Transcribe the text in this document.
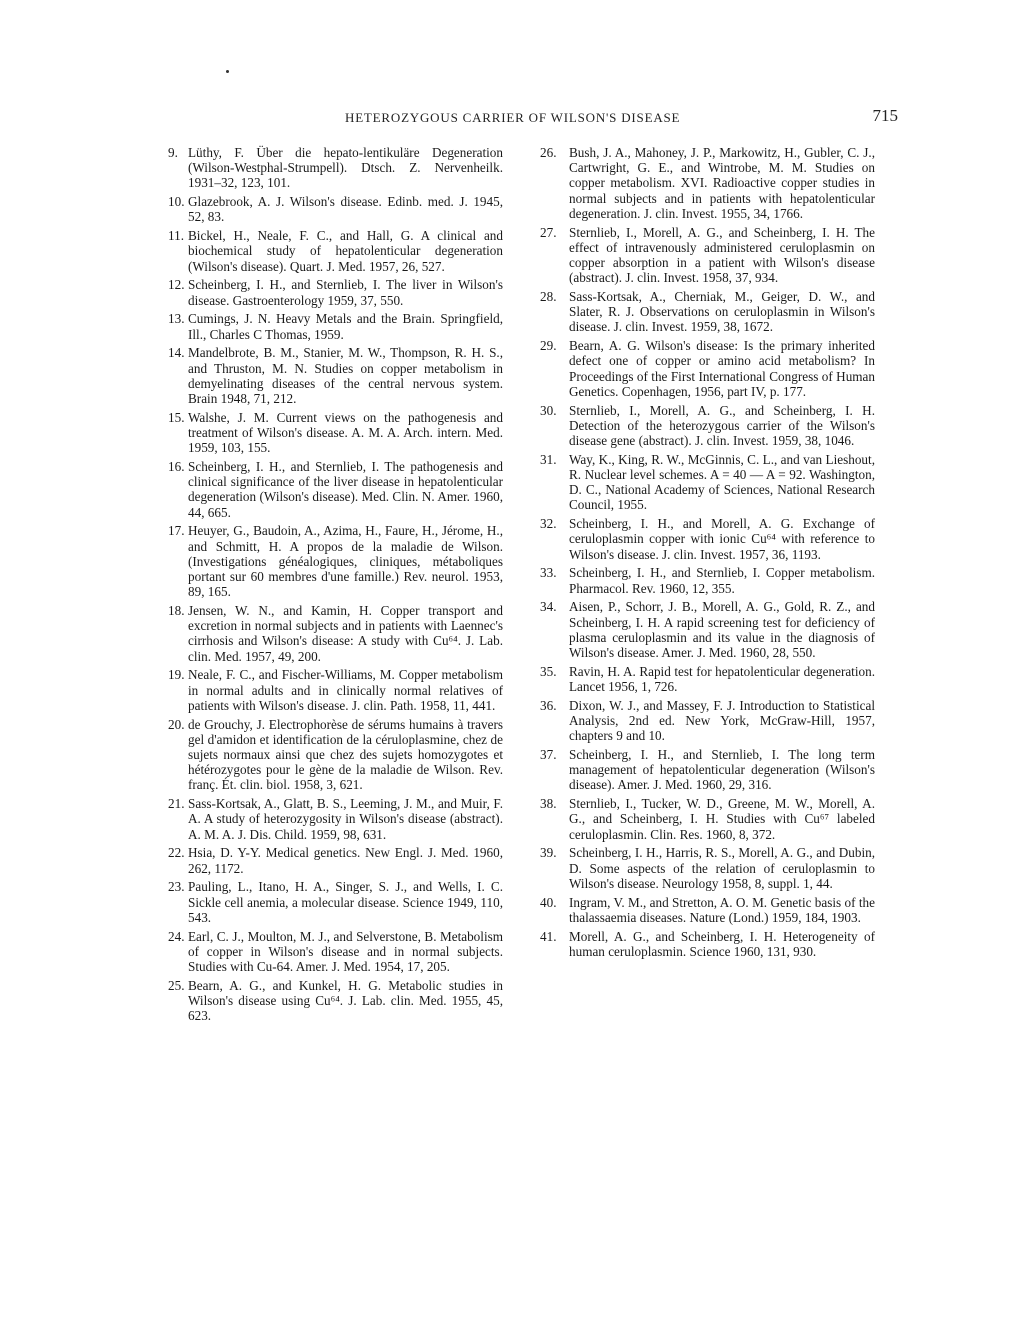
HETEROZYGOUS CARRIER OF WILSON'S DISEASE	715
9. Lüthy, F. Über die hepato-lentikuläre Degeneration (Wilson-Westphal-Strumpell). Dtsch. Z. Nervenheilk. 1931–32, 123, 101.
10. Glazebrook, A. J. Wilson's disease. Edinb. med. J. 1945, 52, 83.
11. Bickel, H., Neale, F. C., and Hall, G. A clinical and biochemical study of hepatolenticular degeneration (Wilson's disease). Quart. J. Med. 1957, 26, 527.
12. Scheinberg, I. H., and Sternlieb, I. The liver in Wilson's disease. Gastroenterology 1959, 37, 550.
13. Cumings, J. N. Heavy Metals and the Brain. Springfield, Ill., Charles C Thomas, 1959.
14. Mandelbrote, B. M., Stanier, M. W., Thompson, R. H. S., and Thruston, M. N. Studies on copper metabolism in demyelinating diseases of the central nervous system. Brain 1948, 71, 212.
15. Walshe, J. M. Current views on the pathogenesis and treatment of Wilson's disease. A. M. A. Arch. intern. Med. 1959, 103, 155.
16. Scheinberg, I. H., and Sternlieb, I. The pathogenesis and clinical significance of the liver disease in hepatolenticular degeneration (Wilson's disease). Med. Clin. N. Amer. 1960, 44, 665.
17. Heuyer, G., Baudoin, A., Azima, H., Faure, H., Jérome, H., and Schmitt, H. A propos de la maladie de Wilson. (Investigations généalogiques, cliniques, métaboliques portant sur 60 membres d'une famille.) Rev. neurol. 1953, 89, 165.
18. Jensen, W. N., and Kamin, H. Copper transport and excretion in normal subjects and in patients with Laennec's cirrhosis and Wilson's disease: A study with Cu⁶⁴. J. Lab. clin. Med. 1957, 49, 200.
19. Neale, F. C., and Fischer-Williams, M. Copper metabolism in normal adults and in clinically normal relatives of patients with Wilson's disease. J. clin. Path. 1958, 11, 441.
20. de Grouchy, J. Electrophorèse de sérums humains à travers gel d'amidon et identification de la céruloplasmine, chez de sujets normaux ainsi que chez des sujets homozygotes et hétérozygotes pour le gène de la maladie de Wilson. Rev. franç. Ét. clin. biol. 1958, 3, 621.
21. Sass-Kortsak, A., Glatt, B. S., Leeming, J. M., and Muir, F. A. A study of heterozygosity in Wilson's disease (abstract). A. M. A. J. Dis. Child. 1959, 98, 631.
22. Hsia, D. Y-Y. Medical genetics. New Engl. J. Med. 1960, 262, 1172.
23. Pauling, L., Itano, H. A., Singer, S. J., and Wells, I. C. Sickle cell anemia, a molecular disease. Science 1949, 110, 543.
24. Earl, C. J., Moulton, M. J., and Selverstone, B. Metabolism of copper in Wilson's disease and in normal subjects. Studies with Cu-64. Amer. J. Med. 1954, 17, 205.
25. Bearn, A. G., and Kunkel, H. G. Metabolic studies in Wilson's disease using Cu⁶⁴. J. Lab. clin. Med. 1955, 45, 623.
26. Bush, J. A., Mahoney, J. P., Markowitz, H., Gubler, C. J., Cartwright, G. E., and Wintrobe, M. M. Studies on copper metabolism. XVI. Radioactive copper studies in normal subjects and in patients with hepatolenticular degeneration. J. clin. Invest. 1955, 34, 1766.
27. Sternlieb, I., Morell, A. G., and Scheinberg, I. H. The effect of intravenously administered ceruloplasmin on copper absorption in a patient with Wilson's disease (abstract). J. clin. Invest. 1958, 37, 934.
28. Sass-Kortsak, A., Cherniak, M., Geiger, D. W., and Slater, R. J. Observations on ceruloplasmin in Wilson's disease. J. clin. Invest. 1959, 38, 1672.
29. Bearn, A. G. Wilson's disease: Is the primary inherited defect one of copper or amino acid metabolism? In Proceedings of the First International Congress of Human Genetics. Copenhagen, 1956, part IV, p. 177.
30. Sternlieb, I., Morell, A. G., and Scheinberg, I. H. Detection of the heterozygous carrier of the Wilson's disease gene (abstract). J. clin. Invest. 1959, 38, 1046.
31. Way, K., King, R. W., McGinnis, C. L., and van Lieshout, R. Nuclear level schemes. A = 40 — A = 92. Washington, D. C., National Academy of Sciences, National Research Council, 1955.
32. Scheinberg, I. H., and Morell, A. G. Exchange of ceruloplasmin copper with ionic Cu⁶⁴ with reference to Wilson's disease. J. clin. Invest. 1957, 36, 1193.
33. Scheinberg, I. H., and Sternlieb, I. Copper metabolism. Pharmacol. Rev. 1960, 12, 355.
34. Aisen, P., Schorr, J. B., Morell, A. G., Gold, R. Z., and Scheinberg, I. H. A rapid screening test for deficiency of plasma ceruloplasmin and its value in the diagnosis of Wilson's disease. Amer. J. Med. 1960, 28, 550.
35. Ravin, H. A. Rapid test for hepatolenticular degeneration. Lancet 1956, 1, 726.
36. Dixon, W. J., and Massey, F. J. Introduction to Statistical Analysis, 2nd ed. New York, McGraw-Hill, 1957, chapters 9 and 10.
37. Scheinberg, I. H., and Sternlieb, I. The long term management of hepatolenticular degeneration (Wilson's disease). Amer. J. Med. 1960, 29, 316.
38. Sternlieb, I., Tucker, W. D., Greene, M. W., Morell, A. G., and Scheinberg, I. H. Studies with Cu⁶⁷ labeled ceruloplasmin. Clin. Res. 1960, 8, 372.
39. Scheinberg, I. H., Harris, R. S., Morell, A. G., and Dubin, D. Some aspects of the relation of ceruloplasmin to Wilson's disease. Neurology 1958, 8, suppl. 1, 44.
40. Ingram, V. M., and Stretton, A. O. M. Genetic basis of the thalassaemia diseases. Nature (Lond.) 1959, 184, 1903.
41. Morell, A. G., and Scheinberg, I. H. Heterogeneity of human ceruloplasmin. Science 1960, 131, 930.
